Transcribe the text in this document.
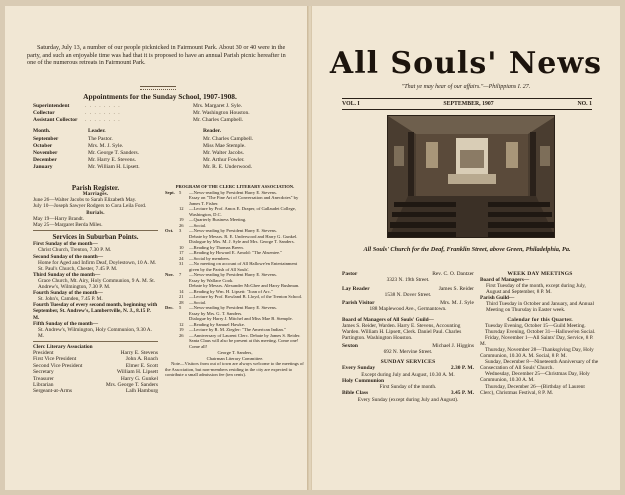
Saturday, July 13, a number of our people picknicked in Fairmount Park. About 30 or 40 were in the party, and such an enjoyable time was had that it is proposed to have an annual Parish picnic hereafter in one of the numerous retreats in Fairmount Park.

Appointments for the Sunday School, 1907-1908.
Superintendent	. . . . . . . .	Mrs. Margaret J. Syle.
Collector	. . . . . . . .	Mr. Washington Houston.
Assistant Collector	. . . . . . . .	Mr. Charles Campbell.
Month.	Leader.	Reader.
September	The Pastor.	Mr. Charles Campbell.
October	Mrs. M. J. Syle.	Miss Mae Stemple.
November	Mr. George T. Sanders.	Mr. Walter Jacobs.
December	Mr. Harry E. Stevens.	Mr. Arthur Fowler.
January	Mr. William H. Lipsett.	Mr. R. E. Underwood.
Parish Register.
Marriages.
June 26—Walter Jacobs to Sarah Elizabeth May.
July 10—Joseph Sawyer Rodgers to Cora Leila Ford.
Burials.
May 19—Harry Brandt.
May 25—Margaret Berda Miles.
Services in Suburban Points.
First Sunday of the month—
Christ Church, Trenton, 7.30 P. M.
Second Sunday of the month—
Home for Aged and Infirm Deaf, Doylestown, 10 A. M. St. Paul's Church, Chester, 7.45 P. M.
Third Sunday of the month—
Grace Church, Mt. Airy, Holy Communion, 9 A. M. St. Andrew's, Wilmington, 7.30 P. M.
Fourth Sunday of the month—
St. John's, Camden, 7.45 P. M.
Fourth Tuesday of every second month, beginning with September, St. Andrew's, Lambertville, N. J., 8.15 P. M.
Fifth Sunday of the month—
St. Andrew's, Wilmington, Holy Communion, 9.30 A. M.
Clerc Literary Association
President	Harry E. Stevens
First Vice President	John A. Roach
Second Vice President	Elmer E. Scott
Secretary	William H. Lipsett
Treasurer	Harry G. Gunkel
Librarian	Mrs. George T. Sanders
Sergeant-at-Arms	Lalh Hamburg
PROGRAM OF THE CLERC LITERARY ASSOCIATION.
Sept. 5	—News-reading by President Harry E. Stevens.
Essay on "The Fine Art of Conversation and Anecdotes" by James T. Fisher.
12	—Lecture by Prof. Amos E. Draper, of Gallaudet College, Washington, D.C.
19	—Quarterly Business Meeting.
26	—Social.
Oct.	3	—News-reading by President Harry E. Stevens.
Debate by Messrs. R. E. Underwood and Harry G. Gunkel.
Dialogue by Mrs. M. J. Syle and Mrs. George T. Sanders.
10	—Reading by Thomas Breen.
17	—Reading by Howard E. Arnold: "The Absentee."
24	—Social by members.
31	—No meeting on account of All Hallowe'en Entertainment given by the Parish of All Souls'.
Nov.	7	—News-reading by President Harry E. Stevens.
Essay by Wallace Cook.
Debate by Messrs. Alexander McGhee and Harry Bushman.
14	—Reading by Wm. H. Lipsett: "Joan of Arc."
21	—Lecture by Prof. Rowland B. Lloyd, of the Trenton School.
28	—Social.
Dec.	5	—News-reading by President Harry E. Stevens.
Essay by Mrs. G. T. Sanders.
Dialogue by Harry J. Mitchel and Miss Mae B. Stemple.
12	—Reading by Samuel Hawke.
19	—Lecture by R. M. Ziegler: "The American Indian."
26	—Anniversary of Laurent Clerc. Debate by James S. Reider. Santa Claus will also be present at this meeting. Come one! Come all!
George T. Sanders,
Chairman Literary Committee.
Note—Visitors from out of town are always welcome to the meetings of the Association, but non-members residing in the city are expected to contribute a small admission fee (ten cents).
All Souls' News
"That ye may hear of our affairs."—Philippians I. 27.
VOL. I	SEPTEMBER, 1907	NO. 1
All Souls' Church for the Deaf, Franklin Street, above Green, Philadelphia, Pa.
Pastor	Rev. C. O. Dantzer
3323 N. 19th Street.
Lay Reader	James S. Reider
1538 N. Dover Street.
Parish Visitor	Mrs. M. J. Syle
188 Maplewood Ave., Germantown.
Board of Managers of All Souls' Guild—
James S. Reider, Warden. Harry E. Stevens, Accounting Warden. William H. Lipsett, Clerk. Daniel Paul. Charles Partington. Washington Houston.
Sexton	Michael J. Higgins
692 N. Mervine Street.
SUNDAY SERVICES
Every Sunday	2.30 P. M.
Except during July and August, 10.30 A. M.
Holy Communion
First Sunday of the month.
Bible Class	3.45 P. M.
Every Sunday (except during July and August).
WEEK DAY MEETINGS
Board of Managers—
First Tuesday of the month, except during July, August and September, 8 P. M.
Parish Guild—
Third Tuesday in October and January, and Annual Meeting on Thursday in Easter week.
Calendar for this Quarter.
Tuesday Evening, October 15—Guild Meeting.
Thursday Evening, October 31—Hallowe'en Social.
Friday, November 1—All Saints' Day, Service, 8 P. M.
Thursday, November 28—Thanksgiving Day, Holy Communion, 10.30 A. M. Social, 8 P. M.
Sunday, December 8—Nineteenth Anniversary of the Consecration of All Souls' Church.
Wednesday, December 25—Christmas Day, Holy Communion, 10.30 A. M.
Thursday, December 26—(Birthday of Laurent Clerc), Christmas Festival, 8 P. M.
